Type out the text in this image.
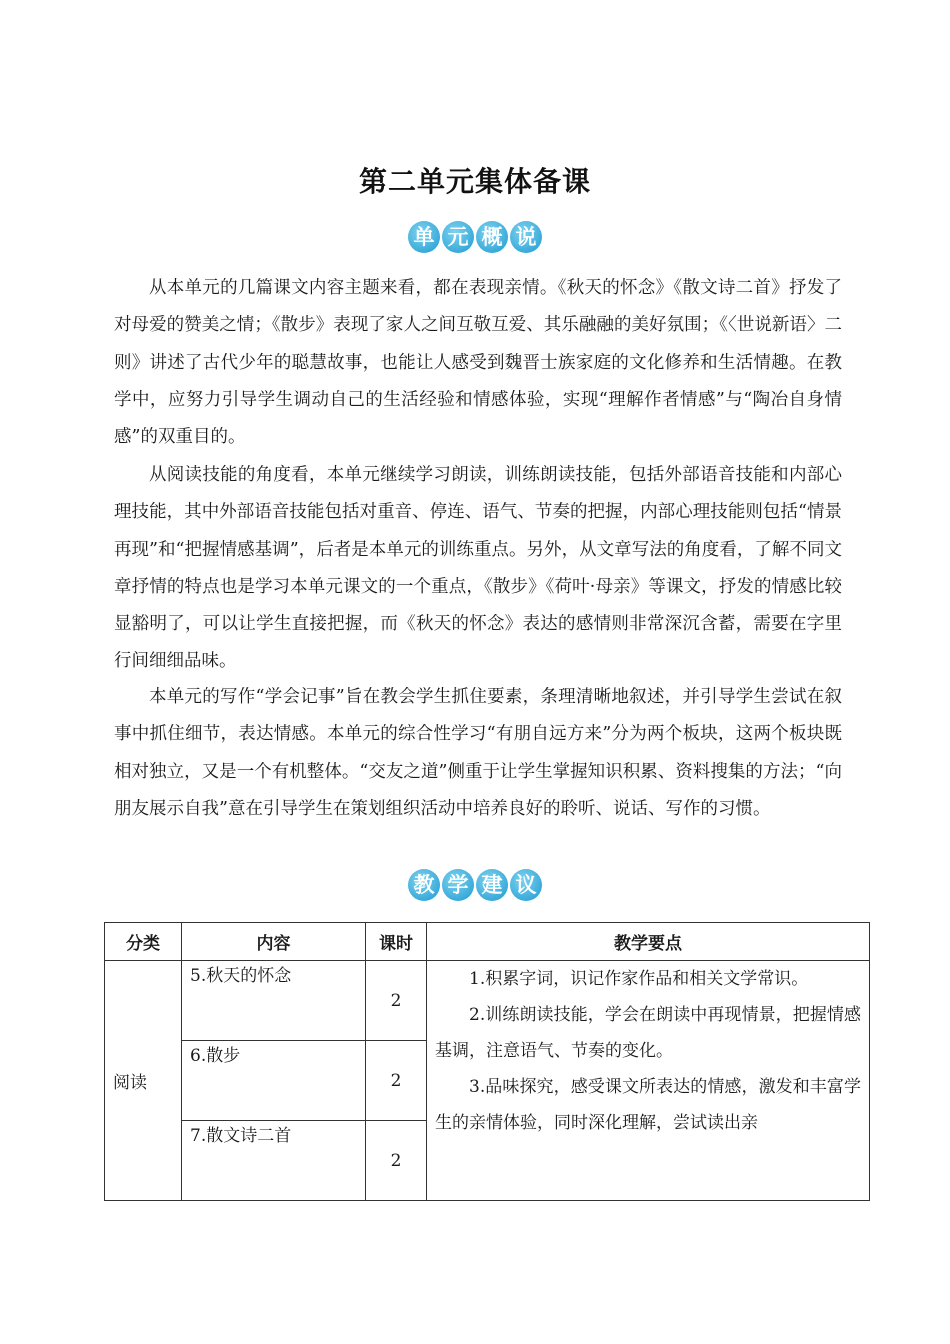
第二单元集体备课
单 元 概 说

从本单元的几篇课文内容主题来看，都在表现亲情。《秋天的怀念》《散文诗二首》抒发了对母爱的赞美之情；《散步》表现了家人之间互敬互爱、其乐融融的美好氛围；《〈世说新语〉二则》讲述了古代少年的聪慧故事，也能让人感受到魏晋士族家庭的文化修养和生活情趣。在教学中，应努力引导学生调动自己的生活经验和情感体验，实现“理解作者情感”与“陶冶自身情感”的双重目的。

从阅读技能的角度看，本单元继续学习朗读，训练朗读技能，包括外部语音技能和内部心理技能，其中外部语音技能包括对重音、停连、语气、节奏的把握，内部心理技能则包括“情景再现”和“把握情感基调”，后者是本单元的训练重点。另外，从文章写法的角度看，了解不同文章抒情的特点也是学习本单元课文的一个重点，《散步》《荷叶·母亲》等课文，抒发的情感比较显豁明了，可以让学生直接把握，而《秋天的怀念》表达的感情则非常深沉含蓄，需要在字里行间细细品味。

本单元的写作“学会记事”旨在教会学生抓住要素，条理清晰地叙述，并引导学生尝试在叙事中抓住细节，表达情感。本单元的综合性学习“有朋自远方来”分为两个板块，这两个板块既相对独立，又是一个有机整体。“交友之道”侧重于让学生掌握知识积累、资料搜集的方法；“向朋友展示自我”意在引导学生在策划组织活动中培养良好的聆听、说话、写作的习惯。

教 学 建 议
分类	内容	课时	教学要点
阅读	5.秋天的怀念	2	1.积累字词，识记作家作品和相关文学常识。

2.训练朗读技能，学会在朗读中再现情景，把握情感基调，注意语气、节奏的变化。

3.品味探究，感受课文所表达的情感，激发和丰富学生的亲情体验，同时深化理解，尝试读出亲

	6.散步	2	
	7.散文诗二首	2	
